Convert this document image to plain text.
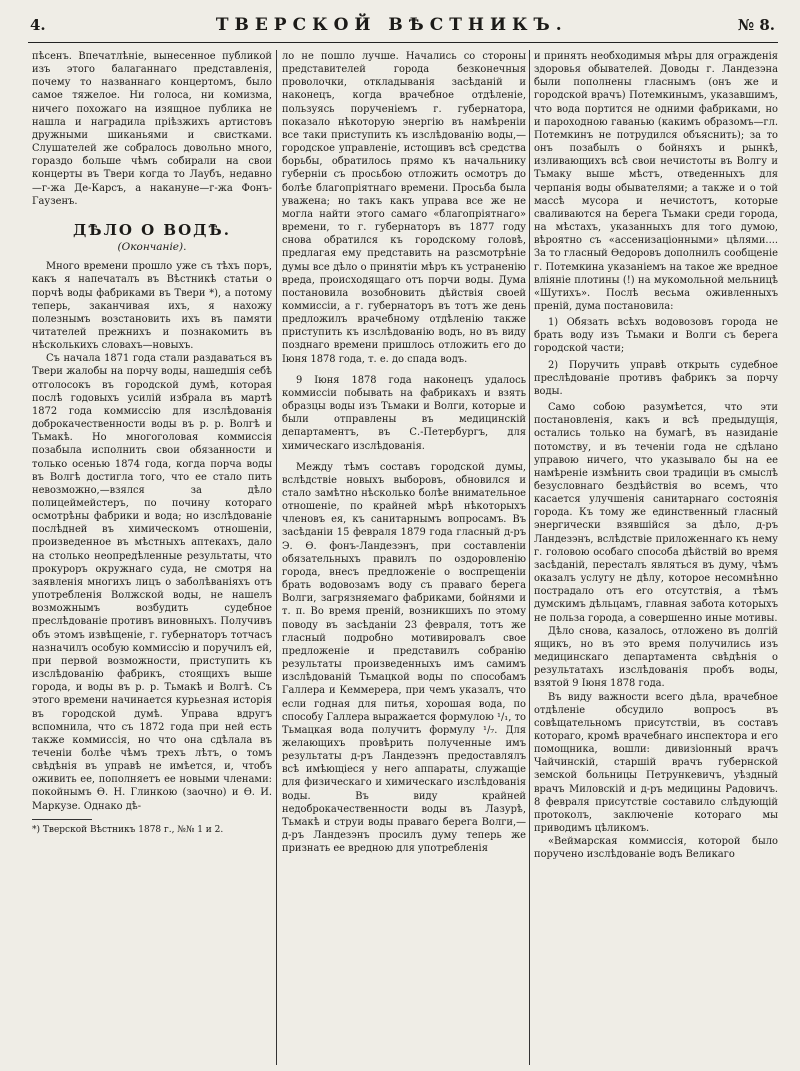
4.	ТВЕРСКОЙ ВѢСТНИКЪ.	№ 8.

пѣсенъ. Впечатлѣніе, вынесенное публикой изъ этого балаганнаго представленія, почему то названнаго концертомъ, было самое тяжелое. Ни голоса, ни комизма, ничего похожаго на изящное публика не нашла и наградила пріѣзжихъ артистовъ дружными шиканьями и свистками. Слушателей же собралось довольно много, гораздо больше чѣмъ собирали на свои концерты въ Твери когда то Лаубъ, недавно—г-жа Де-Карсъ, а накануне—г-жа Фонъ-Гаузенъ.

ДѢЛО О ВОДѢ.
(Окончаніе).

Много времени прошло уже съ тѣхъ поръ, какъ я напечаталъ въ Вѣстникѣ статьи о порчѣ воды фабриками въ Твери *), а потому теперь, заканчивая ихъ, я нахожу полезнымъ возстановить ихъ въ памяти читателей прежнихъ и познакомить въ нѣсколькихъ словахъ—новыхъ.

Съ начала 1871 года стали раздаваться въ Твери жалобы на порчу воды, нашедшія себѣ отголосокъ въ городской думѣ, которая послѣ годовыхъ усилій избрала въ мартѣ 1872 года коммиссію для изслѣдованія доброкачественности воды въ р. р. Волгѣ и Тьмакѣ. Но многоголовая коммиссія позабыла исполнить свои обязанности и только осенью 1874 года, когда порча воды въ Волгѣ достигла того, что ее стало пить невозможно,—взялся за дѣло полицеймейстеръ, по почину котораго осмотрѣны фабрики и вода; но изслѣдованіе послѣдней въ химическомъ отношеніи, произведенное въ мѣстныхъ аптекахъ, дало на столько неопредѣленные результаты, что прокуроръ окружнаго суда, не смотря на заявленія многихъ лицъ о заболѣваніяхъ отъ употребленія Волжской воды, не нашелъ возможнымъ возбудить судебное преслѣдованіе противъ виновныхъ. Получивъ объ этомъ извѣщеніе, г. губернаторъ тотчасъ назначилъ особую коммиссію и поручилъ ей, при первой возможности, приступить къ изслѣдованію фабрикъ, стоящихъ выше города, и воды въ р. р. Тьмакѣ и Волгѣ. Съ этого времени начинается курьезная исторія въ городской думѣ. Управа вдругъ вспомнила, что съ 1872 года при ней есть также коммиссія, но что она сдѣлала въ теченіи болѣе чѣмъ трехъ лѣтъ, о томъ свѣдѣнія въ управѣ не имѣется, и, чтобъ оживить ее, пополняетъ ее новыми членами: покойнымъ Ѳ. Н. Глинкою (заочно) и Ѳ. И. Маркузе. Однако дѣ-

*) Тверской Вѣстникъ 1878 г., №№ 1 и 2.

ло не пошло лучше. Начались со стороны представителей города безконечныя проволочки, откладыванія засѣданій и наконецъ, когда врачебное отдѣленіе, пользуясь порученіемъ г. губернатора, показало нѣкоторую энергію въ намѣреніи все таки приступить къ изслѣдованію воды,—городское управленіе, истощивъ всѣ средства борьбы, обратилось прямо къ начальнику губерніи съ просьбою отложить осмотръ до болѣе благопріятнаго времени. Просьба была уважена; но такъ какъ управа все же не могла найти этого самаго «благопріятнаго» времени, то г. губернаторъ въ 1877 году снова обратился къ городскому головѣ, предлагая ему представить на разсмотрѣніе думы все дѣло о принятіи мѣръ къ устраненію вреда, происходящаго отъ порчи воды. Дума постановила возобновить дѣйствія своей коммиссіи, а г. губернаторъ въ тотъ же день предложилъ врачебному отдѣленію также приступить къ изслѣдованію водъ, но въ виду позднаго времени пришлось отложить его до Іюня 1878 года, т. е. до спада водъ.

9 Іюня 1878 года наконецъ удалось коммиссіи побывать на фабрикахъ и взять образцы воды изъ Тьмаки и Волги, которые и были отправлены въ медицинскій департаментъ, въ С.-Петербургъ, для химическаго изслѣдованія.

Между тѣмъ составъ городской думы, вслѣдствіе новыхъ выборовъ, обновился и стало замѣтно нѣсколько болѣе внимательное отношеніе, по крайней мѣрѣ нѣкоторыхъ членовъ ея, къ санитарнымъ вопросамъ. Въ засѣданіи 15 февраля 1879 года гласный д-ръ Э. Ѳ. фонъ-Ландезэнъ, при составленіи обязательныхъ правилъ по оздоровленію города, внесъ предложеніе о воспрещеніи брать водовозамъ воду съ праваго берега Волги, загрязняемаго фабриками, бойнями и т. п. Во время преній, возникшихъ по этому поводу въ засѣданіи 23 февраля, тотъ же гласный подробно мотивировалъ свое предложеніе и представилъ собранію результаты произведенныхъ имъ самимъ изслѣдованій Тьмацкой воды по способамъ Галлера и Кеммерера, при чемъ указалъ, что если годная для питья, хорошая вода, по способу Галлера выражается формулою ¹/₁, то Тьмацкая вода получитъ формулу ¹/₇. Для желающихъ провѣрить полученные имъ результаты д-ръ Ландезэнъ предоставлялъ всѣ имѣющіеся у него аппараты, служащіе для физическаго и химическаго изслѣдованія воды. Въ виду крайней недоброкачественности воды въ Лазурѣ, Тьмакѣ и струи воды праваго берега Волги,—д-ръ Ландезэнъ просилъ думу теперь же признать ее вредною для употребленія

и принять необходимыя мѣры для огражденія здоровья обывателей. Доводы г. Ландезэна были пополнены гласнымъ (онъ же и городской врачъ) Потемкинымъ, указавшимъ, что вода портится не одними фабриками, но и пароходною гаванью (какимъ образомъ—гл. Потемкинъ не потрудился объяснить); за то онъ позабылъ о бойняхъ и рынкѣ, изливающихъ всѣ свои нечистоты въ Волгу и Тьмаку выше мѣстъ, отведенныхъ для черпанія воды обывателями; а также и о той массѣ мусора и нечистотъ, которые сваливаются на берега Тьмаки среди города, на мѣстахъ, указанныхъ для того думою, вѣроятно съ «ассенизаціонными» цѣлями.... За то гласный Ѳедоровъ дополнилъ сообщеніе г. Потемкина указаніемъ на такое же вредное вліяніе плотины (!) на мукомольной мельницѣ «Шутихъ». Послѣ весьма оживленныхъ преній, дума постановила:

1) Обязать всѣхъ водовозовъ города не брать воду изъ Тьмаки и Волги съ берега городской части;

2) Поручить управѣ открыть судебное преслѣдованіе противъ фабрикъ за порчу воды.

Само собою разумѣется, что эти постановленія, какъ и всѣ предыдущія, остались только на бумагѣ, въ назиданіе потомству, и въ теченіи года не сдѣлано управою ничего, что указывало бы на ее намѣреніе измѣнить свои традиціи въ смыслѣ безусловнаго бездѣйствія во всемъ, что касается улучшенія санитарнаго состоянія города. Къ тому же единственный гласный энергически взявшійся за дѣло, д-ръ Ландезэнъ, вслѣдствіе приложеннаго къ нему г. головою особаго способа дѣйствій во время засѣданій, пересталъ являться въ думу, чѣмъ оказалъ услугу не дѣлу, которое несомнѣнно пострадало отъ его отсутствія, а тѣмъ думскимъ дѣльцамъ, главная забота которыхъ не польза города, а совершенно иные мотивы.

Дѣло снова, казалось, отложено въ долгій ящикъ, но въ это время получились изъ медицинскаго департамента свѣдѣнія о результатахъ изслѣдованія пробъ воды, взятой 9 Іюня 1878 года.

Въ виду важности всего дѣла, врачебное отдѣленіе обсудило вопросъ въ совѣщательномъ присутствіи, въ составъ котораго, кромѣ врачебнаго инспектора и его помощника, вошли: дивизіонный врачъ Чайчинскій, старшій врачъ губернской земской больницы Петрункевичъ, уѣздный врачъ Миловскій и д-ръ медицины Радовичъ. 8 февраля присутствіе составило слѣдующій протоколъ, заключеніе котораго мы приводимъ цѣликомъ.

«Веймарская коммиссія, которой было поручено изслѣдованіе водъ Великаго
